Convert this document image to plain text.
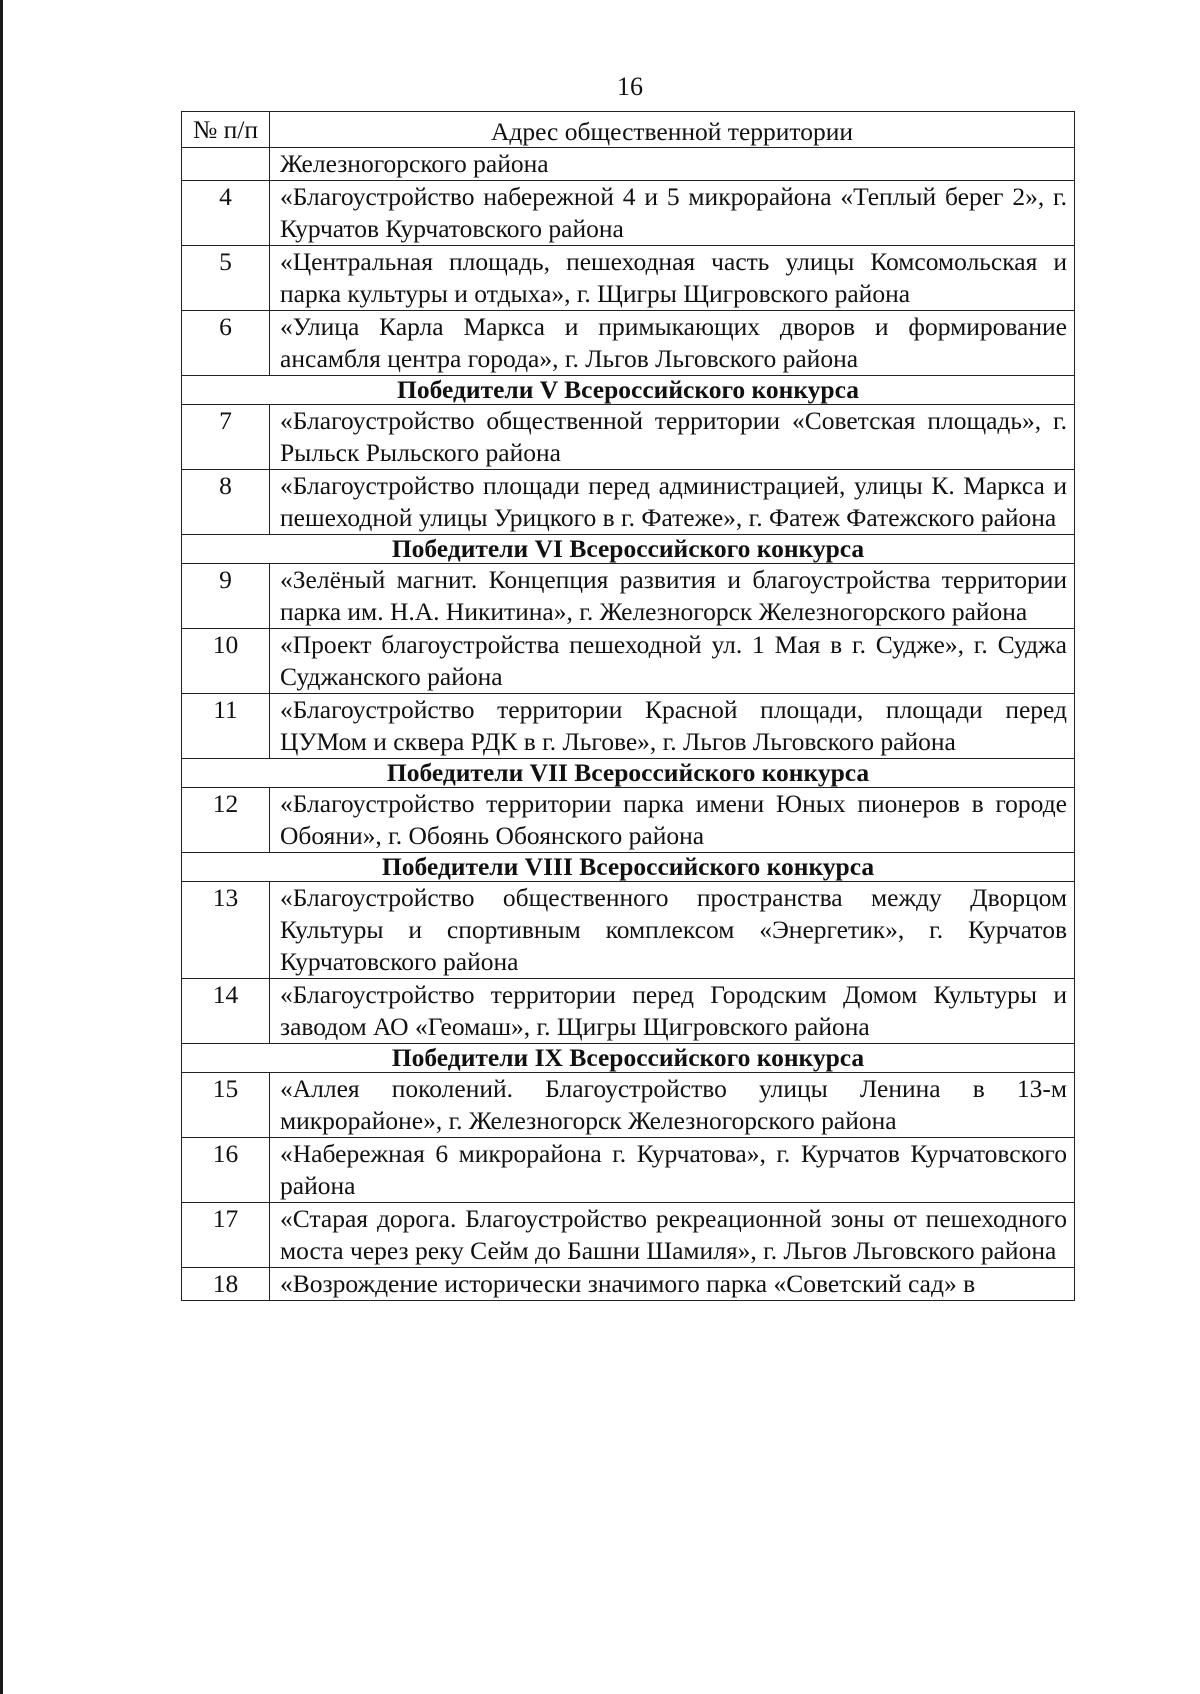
16
№ п/п	Адрес общественной территории
	Железногорского района
4	«Благоустройство набережной 4 и 5 микрорайона «Теплый берег 2», г. Курчатов Курчатовского района
5	«Центральная площадь, пешеходная часть улицы Комсомольская и парка культуры и отдыха», г. Щигры Щигровского района
6	«Улица Карла Маркса и примыкающих дворов и формирование ансамбля центра города», г. Льгов Льговского района
Победители V Всероссийского конкурса	
7	«Благоустройство общественной территории «Советская площадь», г. Рыльск Рыльского района
8	«Благоустройство площади перед администрацией, улицы К. Маркса и пешеходной улицы Урицкого в г. Фатеже», г. Фатеж Фатежского района
Победители VI Всероссийского конкурса	
9	«Зелёный магнит. Концепция развития и благоустройства территории парка им. Н.А. Никитина», г. Железногорск Железногорского района
10	«Проект благоустройства пешеходной ул. 1 Мая в г. Судже», г. Суджа Суджанского района
11	«Благоустройство территории Красной площади, площади перед ЦУМом и сквера РДК в г. Льгове», г. Льгов Льговского района
Победители VII Всероссийского конкурса	
12	«Благоустройство территории парка имени Юных пионеров в городе Обояни», г. Обоянь Обоянского района
Победители VIII Всероссийского конкурса	
13	«Благоустройство общественного пространства между Дворцом Культуры и спортивным комплексом «Энергетик», г. Курчатов Курчатовского района
14	«Благоустройство территории перед Городским Домом Культуры и заводом АО «Геомаш», г. Щигры Щигровского района
Победители IX Всероссийского конкурса	
15	«Аллея поколений. Благоустройство улицы Ленина в 13-м микрорайоне», г. Железногорск Железногорского района
16	«Набережная 6 микрорайона г. Курчатова», г. Курчатов Курчатовского района
17	«Старая дорога. Благоустройство рекреационной зоны от пешеходного моста через реку Сейм до Башни Шамиля», г. Льгов Льговского района
18	«Возрождение исторически значимого парка «Советский сад» в
